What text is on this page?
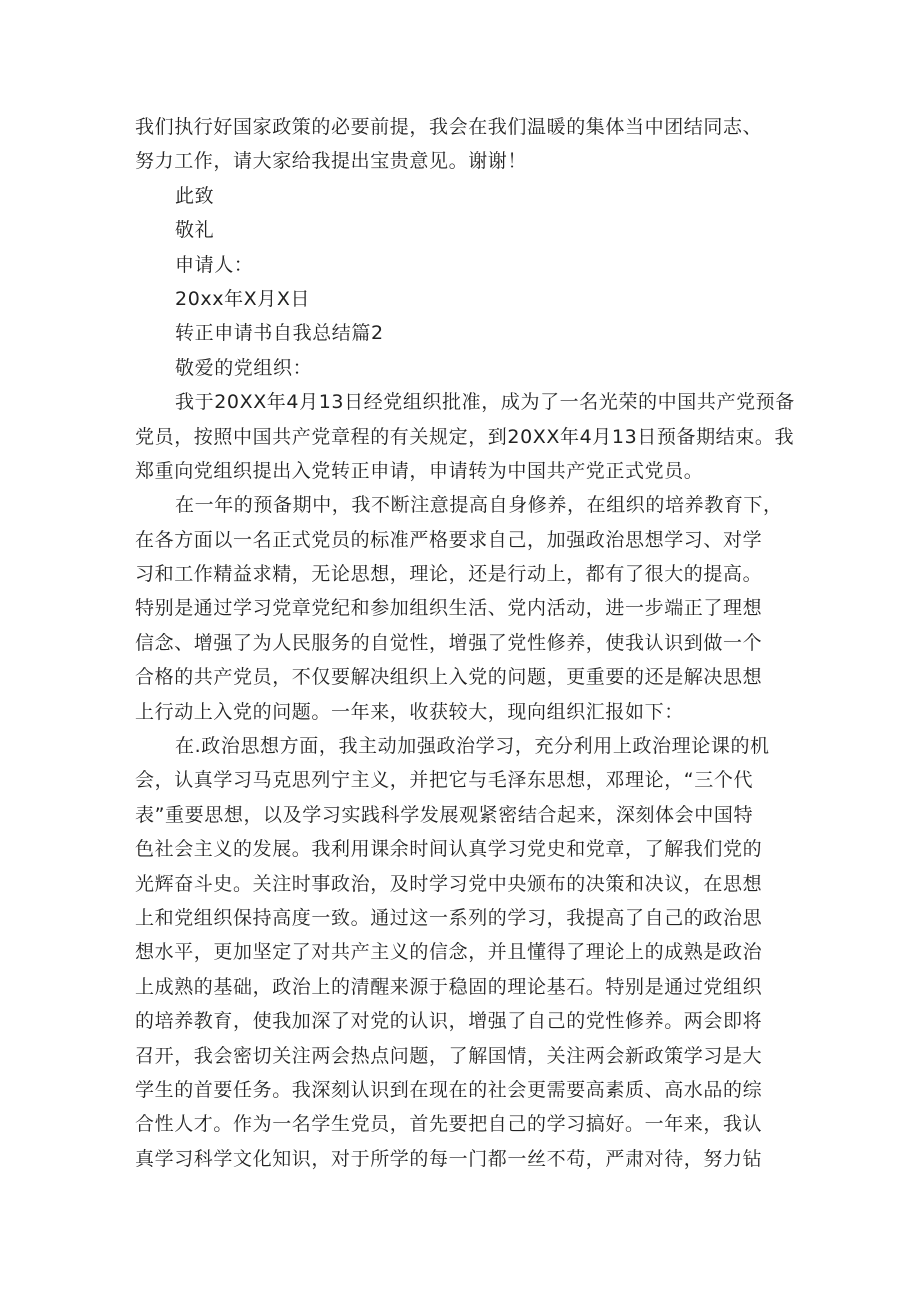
我们执行好国家政策的必要前提，我会在我们温暖的集体当中团结同志、
努力工作，请大家给我提出宝贵意见。谢谢！
此致
敬礼
申请人：
20xx年X月X日
转正申请书自我总结篇2
敬爱的党组织：
我于20XX年4月13日经党组织批准，成为了一名光荣的中国共产党预备
党员，按照中国共产党章程的有关规定，到20XX年4月13日预备期结束。我
郑重向党组织提出入党转正申请，申请转为中国共产党正式党员。
在一年的预备期中，我不断注意提高自身修养，在组织的培养教育下，
在各方面以一名正式党员的标准严格要求自己，加强政治思想学习、对学
习和工作精益求精，无论思想，理论，还是行动上，都有了很大的提高。
特别是通过学习党章党纪和参加组织生活、党内活动，进一步端正了理想
信念、增强了为人民服务的自觉性，增强了党性修养，使我认识到做一个
合格的共产党员，不仅要解决组织上入党的问题，更重要的还是解决思想
上行动上入党的问题。一年来，收获较大，现向组织汇报如下：
在.政治思想方面，我主动加强政治学习，充分利用上政治理论课的机
会，认真学习马克思列宁主义，并把它与毛泽东思想，邓理论，“三个代
表”重要思想，以及学习实践科学发展观紧密结合起来，深刻体会中国特
色社会主义的发展。我利用课余时间认真学习党史和党章，了解我们党的
光辉奋斗史。关注时事政治，及时学习党中央颁布的决策和决议，在思想
上和党组织保持高度一致。通过这一系列的学习，我提高了自己的政治思
想水平，更加坚定了对共产主义的信念，并且懂得了理论上的成熟是政治
上成熟的基础，政治上的清醒来源于稳固的理论基石。特别是通过党组织
的培养教育，使我加深了对党的认识，增强了自己的党性修养。两会即将
召开，我会密切关注两会热点问题，了解国情，关注两会新政策学习是大
学生的首要任务。我深刻认识到在现在的社会更需要高素质、高水品的综
合性人才。作为一名学生党员，首先要把自己的学习搞好。一年来，我认
真学习科学文化知识，对于所学的每一门都一丝不苟，严肃对待，努力钻
